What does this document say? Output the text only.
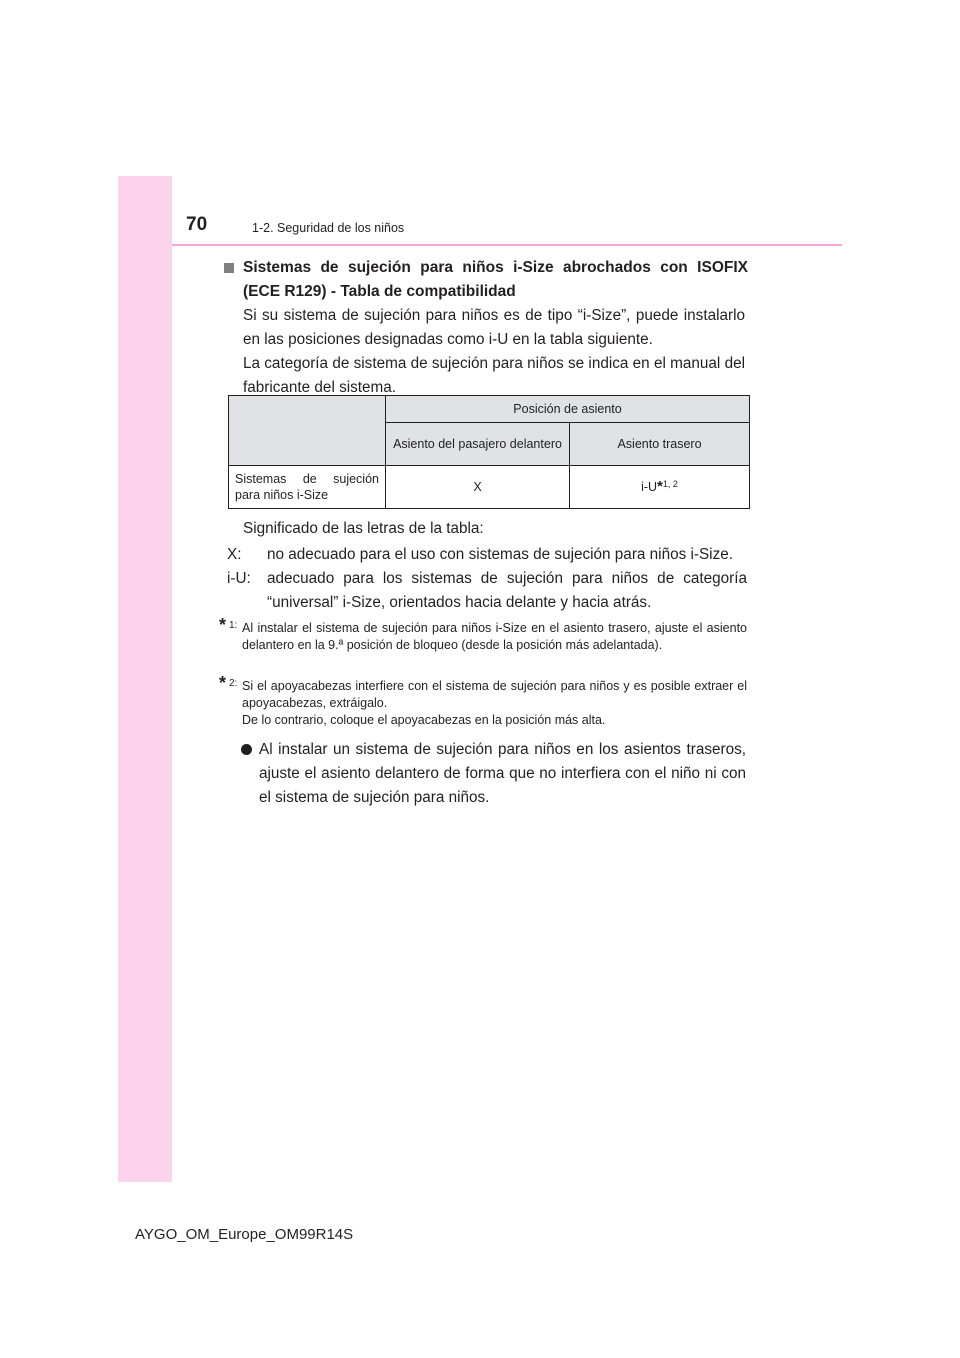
70	1-2. Seguridad de los niños

Sistemas de sujeción para niños i-Size abrochados con ISOFIX (ECE R129) - Tabla de compatibilidad

Si su sistema de sujeción para niños es de tipo “i-Size”, puede instalarlo en las posiciones designadas como i-U en la tabla siguiente.

La categoría de sistema de sujeción para niños se indica en el manual del fabricante del sistema.

	Posición de asiento	
	Asiento del pasajero delantero	Asiento trasero
Sistemas de sujeción para niños i-Size	X	i-U*$^{1, 2}$
Significado de las letras de la tabla:
X: no adecuado para el uso con sistemas de sujeción para niños i-Size.
i-U: adecuado para los sistemas de sujeción para niños de categoría “universal” i-Size, orientados hacia delante y hacia atrás.
* 1: Al instalar el sistema de sujeción para niños i-Size en el asiento trasero, ajuste el asiento delantero en la 9.ª posición de bloqueo (desde la posición más adelantada).

* 2: Si el apoyacabezas interfiere con el sistema de sujeción para niños y es posible extraer el apoyacabezas, extráigalo.

De lo contrario, coloque el apoyacabezas en la posición más alta.

Al instalar un sistema de sujeción para niños en los asientos traseros, ajuste el asiento delantero de forma que no interfiera con el niño ni con el sistema de sujeción para niños.
AYGO_OM_Europe_OM99R14S
